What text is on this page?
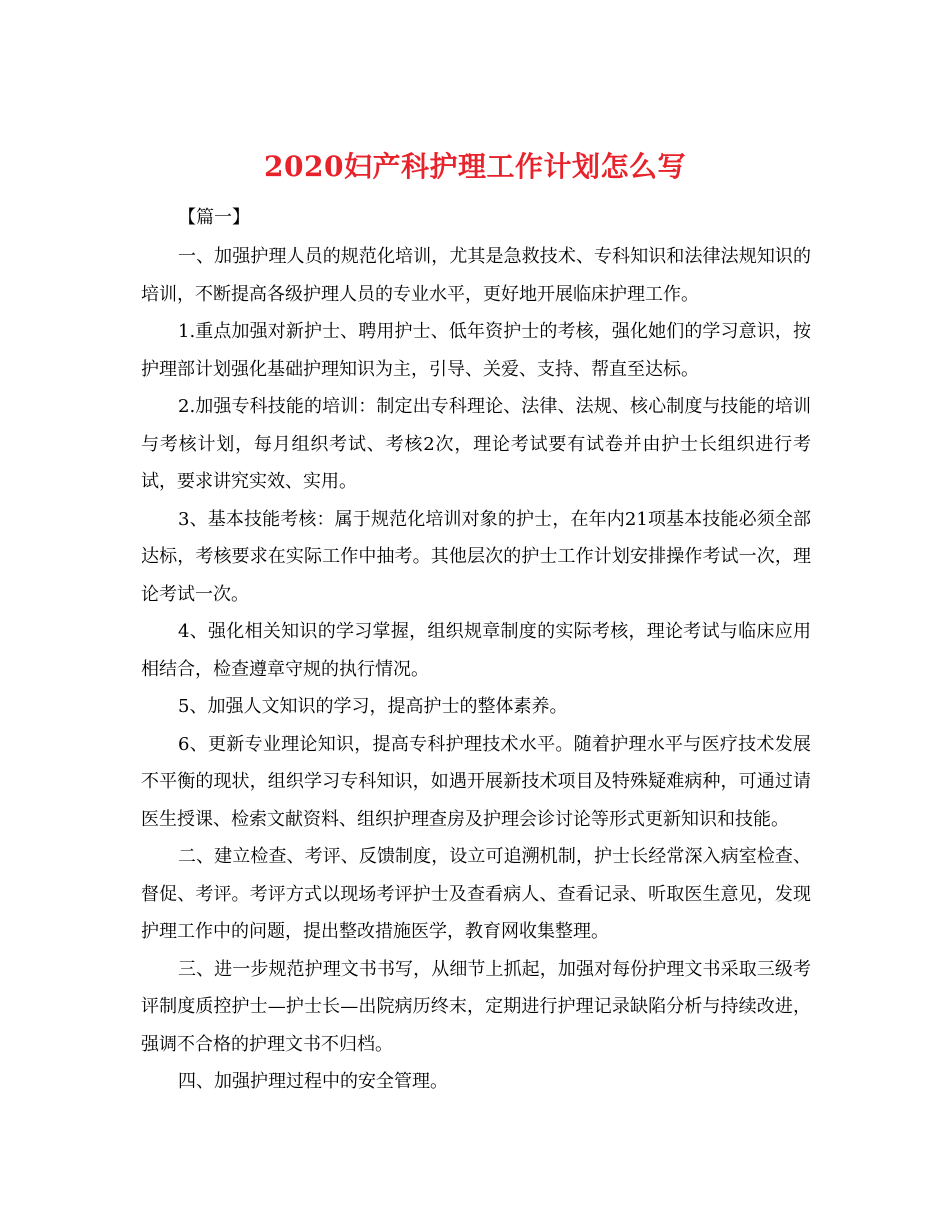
2020妇产科护理工作计划怎么写
【篇一】

一、加强护理人员的规范化培训，尤其是急救技术、专科知识和法律法规知识的培训，不断提高各级护理人员的专业水平，更好地开展临床护理工作。

1.重点加强对新护士、聘用护士、低年资护士的考核，强化她们的学习意识，按护理部计划强化基础护理知识为主，引导、关爱、支持、帮直至达标。

2.加强专科技能的培训：制定出专科理论、法律、法规、核心制度与技能的培训与考核计划，每月组织考试、考核2次，理论考试要有试卷并由护士长组织进行考试，要求讲究实效、实用。

3、基本技能考核：属于规范化培训对象的护士，在年内21项基本技能必须全部达标，考核要求在实际工作中抽考。其他层次的护士工作计划安排操作考试一次，理论考试一次。

4、强化相关知识的学习掌握，组织规章制度的实际考核，理论考试与临床应用相结合，检查遵章守规的执行情况。

5、加强人文知识的学习，提高护士的整体素养。

6、更新专业理论知识，提高专科护理技术水平。随着护理水平与医疗技术发展不平衡的现状，组织学习专科知识，如遇开展新技术项目及特殊疑难病种，可通过请医生授课、检索文献资料、组织护理查房及护理会诊讨论等形式更新知识和技能。

二、建立检查、考评、反馈制度，设立可追溯机制，护士长经常深入病室检查、督促、考评。考评方式以现场考评护士及查看病人、查看记录、听取医生意见，发现护理工作中的问题，提出整改措施医学，教育网收集整理。

三、进一步规范护理文书书写，从细节上抓起，加强对每份护理文书采取三级考评制度质控护士—护士长—出院病历终末，定期进行护理记录缺陷分析与持续改进，强调不合格的护理文书不归档。

四、加强护理过程中的安全管理。
